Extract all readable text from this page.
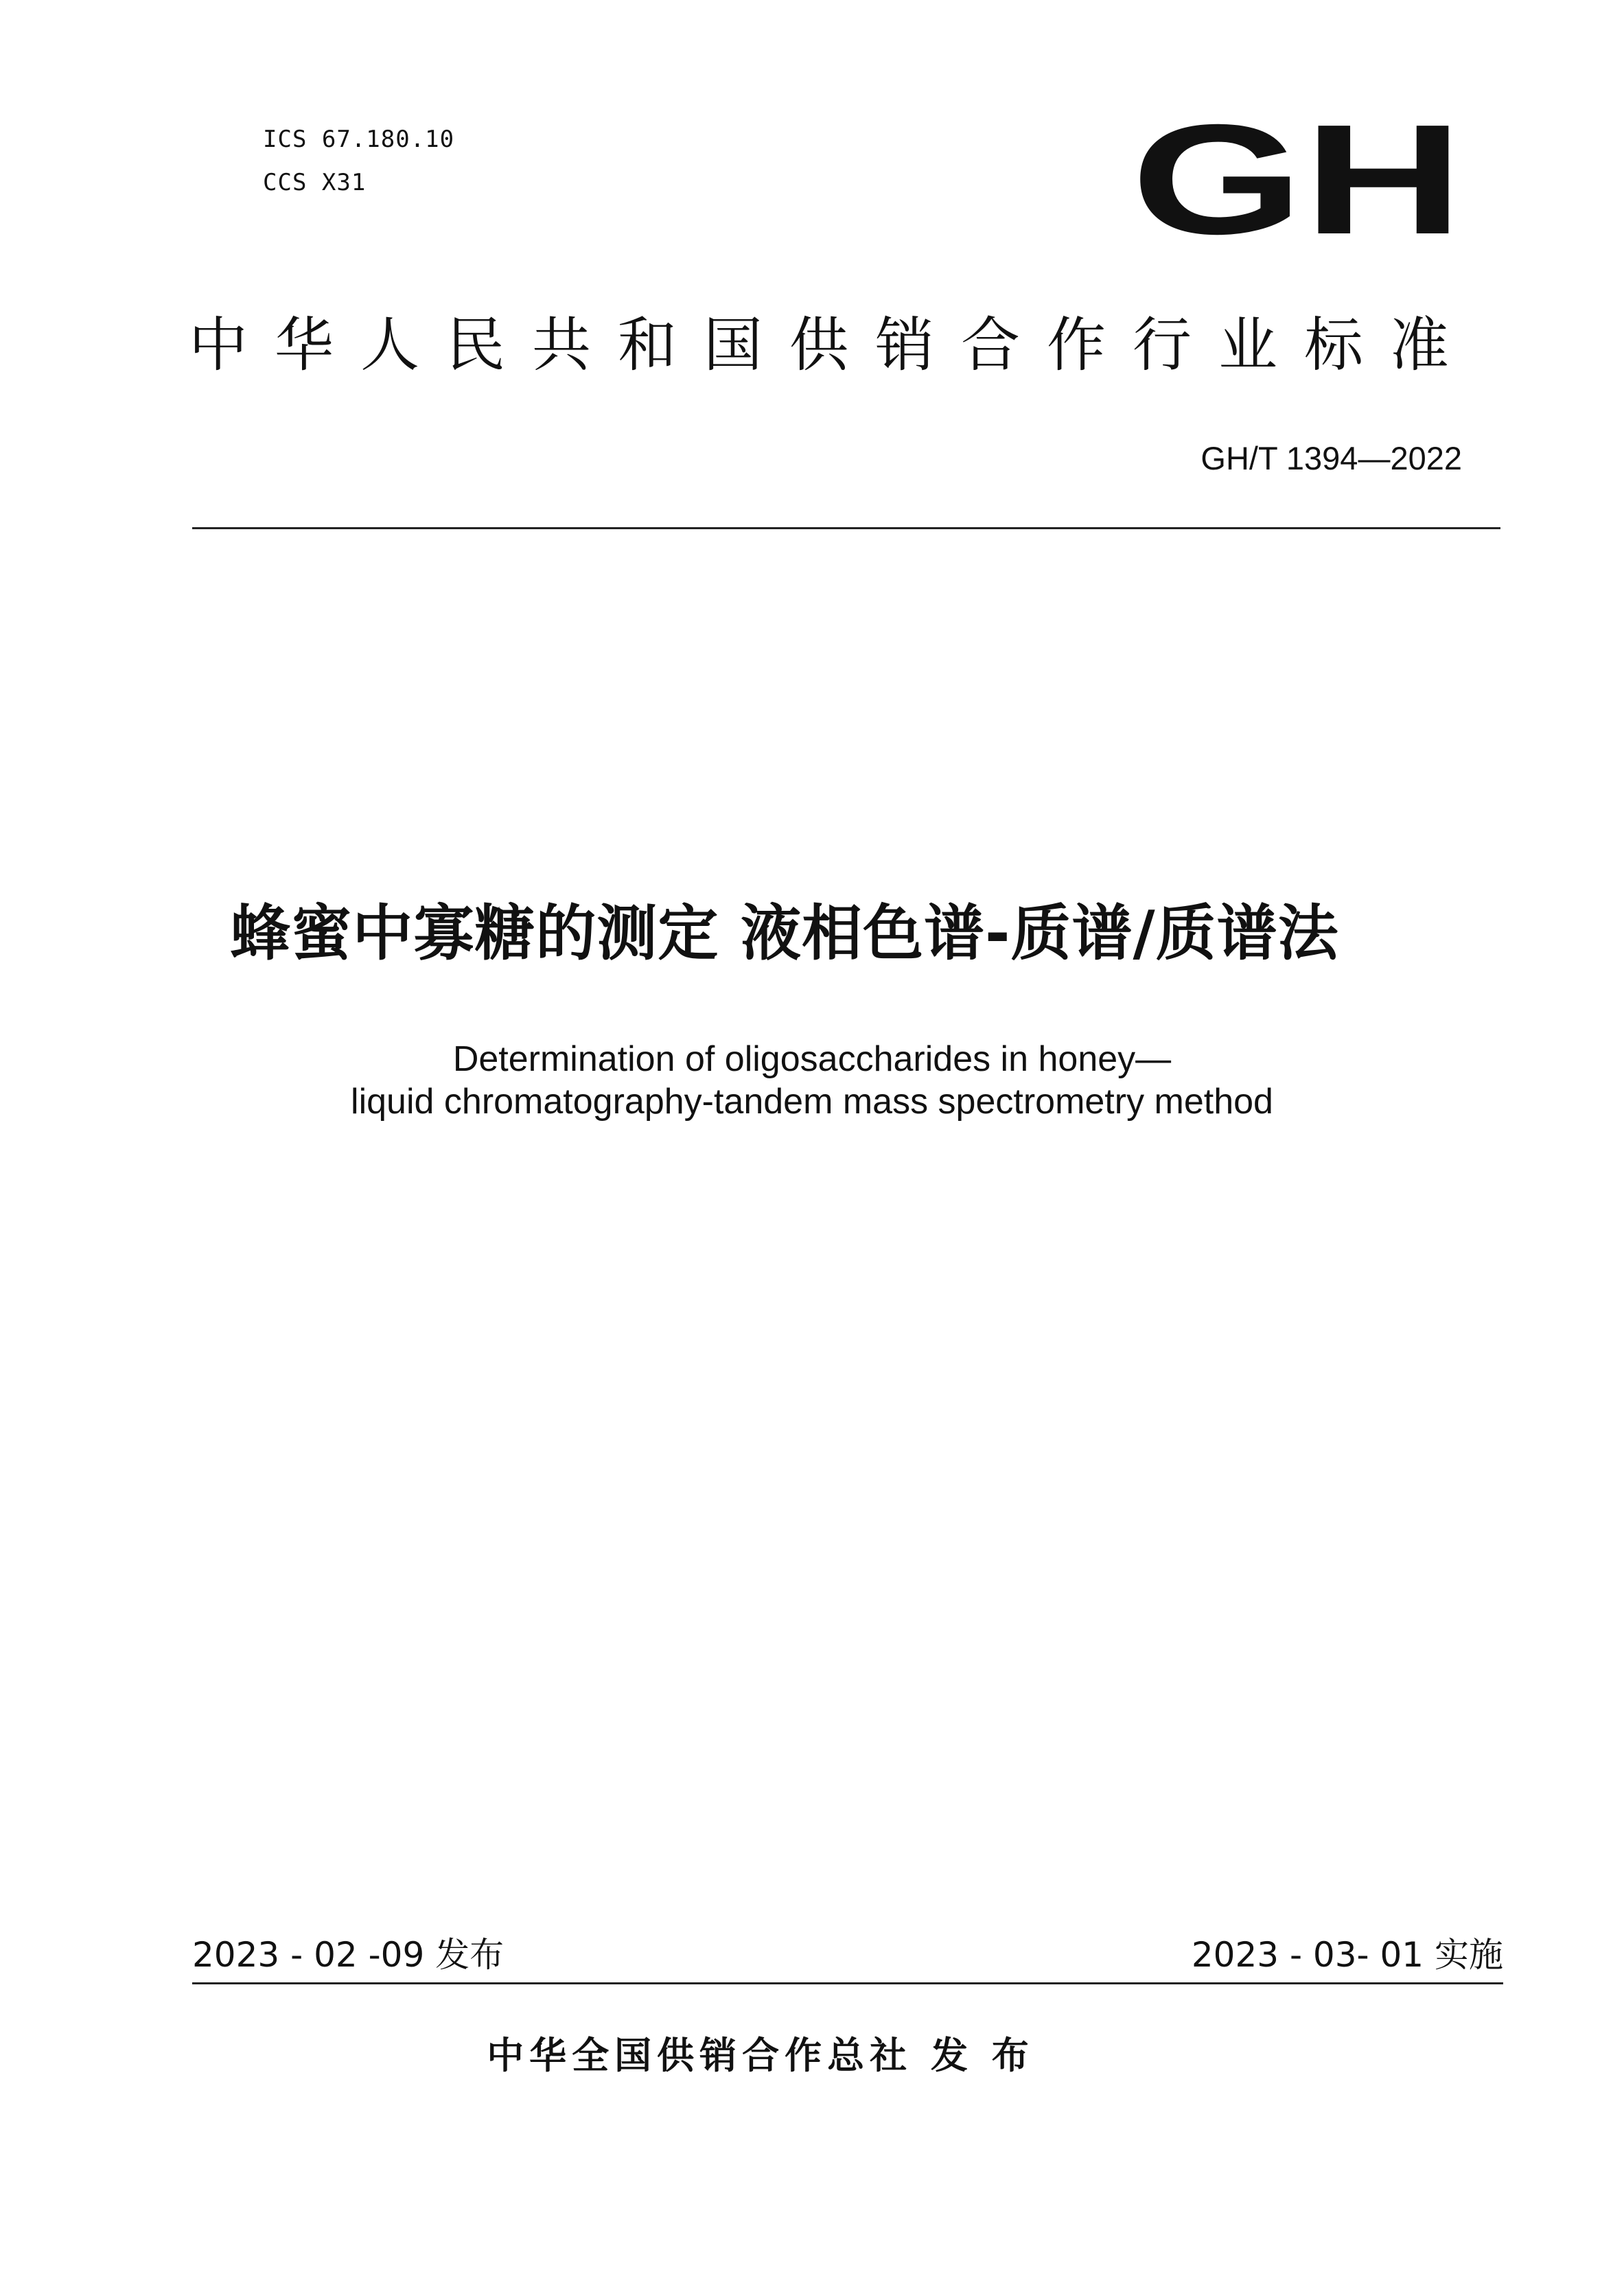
ICS 67.180.10
CCS X31	GH
中华人民共和国供销合作行业标准
GH/T 1394—2022
蜂蜜中寡糖的测定 液相色谱-质谱/质谱法
Determination of oligosaccharides in honey—
liquid chromatography-tandem mass spectrometry method
2023 - 02 -09 发布	2023 - 03- 01 实施
中华全国供销合作总社 发 布
